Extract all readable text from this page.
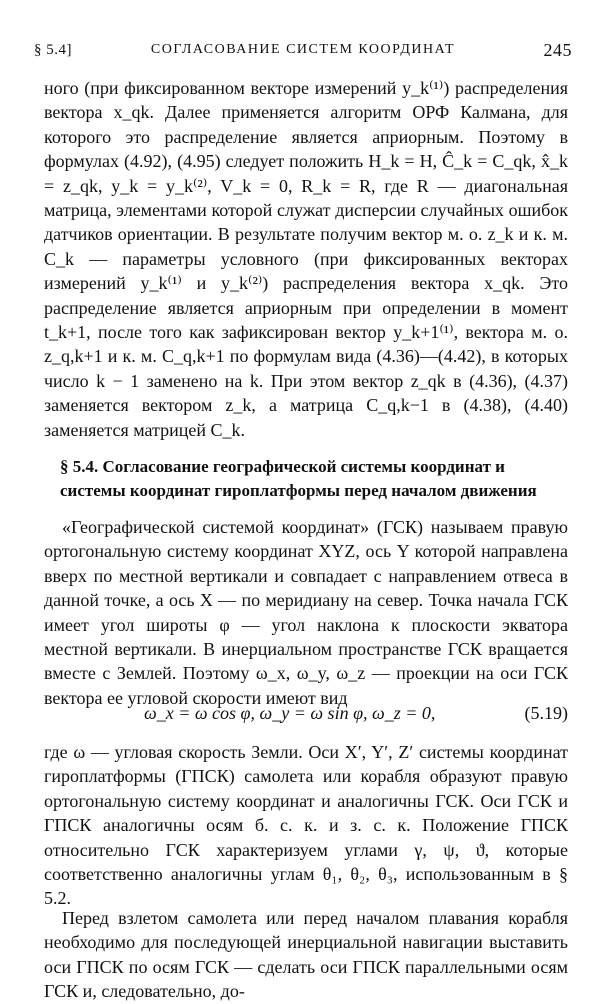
§ 5.4]	СОГЛАСОВАНИЕ СИСТЕМ КООРДИНАТ	245
ного (при фиксированном векторе измерений y_k⁽¹⁾) распределения вектора x_qk. Далее применяется алгоритм ОРФ Калмана, для которого это распределение является априорным. Поэтому в формулах (4.92), (4.95) следует положить H_k = H, Ĉ_k = C_qk, x̂_k = z_qk, y_k = y_k⁽²⁾, V_k = 0, R_k = R, где R — диагональная матрица, элементами которой служат дисперсии случайных ошибок датчиков ориентации. В результате получим вектор м. о. z_k и к. м. C_k — параметры условного (при фиксированных векторах измерений y_k⁽¹⁾ и y_k⁽²⁾) распределения вектора x_qk. Это распределение является априорным при определении в момент t_k+1, после того как зафиксирован вектор y_k+1⁽¹⁾, вектора м. о. z_q,k+1 и к. м. C_q,k+1 по формулам вида (4.36)—(4.42), в которых число k − 1 заменено на k. При этом вектор z_qk в (4.36), (4.37) заменяется вектором z_k, а матрица C_q,k−1 в (4.38), (4.40) заменяется матрицей C_k.
§ 5.4. Согласование географической системы координат и системы координат гироплатформы перед началом движения
«Географической системой координат» (ГСК) называем правую ортогональную систему координат XYZ, ось Y которой направлена вверх по местной вертикали и совпадает с направлением отвеса в данной точке, а ось X — по меридиану на север. Точка начала ГСК имеет угол широты φ — угол наклона к плоскости экватора местной вертикали. В инерциальном пространстве ГСК вращается вместе с Землей. Поэтому ω_x, ω_y, ω_z — проекции на оси ГСК вектора ее угловой скорости имеют вид
ω_x = ω cos φ, ω_y = ω sin φ, ω_z = 0,	(5.19)
где ω — угловая скорость Земли. Оси X′, Y′, Z′ системы координат гироплатформы (ГПСК) самолета или корабля образуют правую ортогональную систему координат и аналогичны ГСК. Оси ГСК и ГПСК аналогичны осям б. с. к. и з. с. к. Положение ГПСК относительно ГСК характеризуем углами γ, ψ, ϑ, которые соответственно аналогичны углам θ₁, θ₂, θ₃, использованным в § 5.2.
Перед взлетом самолета или перед началом плавания корабля необходимо для последующей инерциальной навигации выставить оси ГПСК по осям ГСК — сделать оси ГПСК параллельными осям ГСК и, следовательно, до-
